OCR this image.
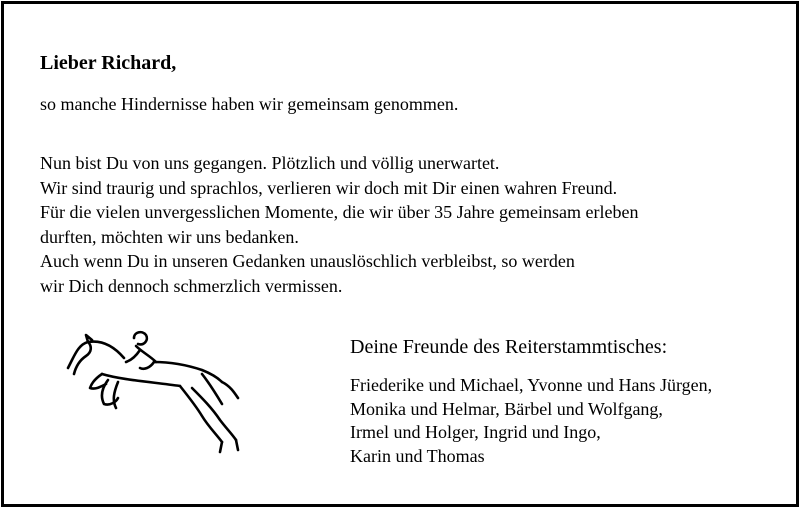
Lieber Richard,
so manche Hindernisse haben wir gemeinsam genommen.
Nun bist Du von uns gegangen. Plötzlich und völlig unerwartet.
Wir sind traurig und sprachlos, verlieren wir doch mit Dir einen wahren Freund.
Für die vielen unvergesslichen Momente, die wir über 35 Jahre gemeinsam erleben
durften, möchten wir uns bedanken.
Auch wenn Du in unseren Gedanken unauslöschlich verbleibst, so werden
wir Dich dennoch schmerzlich vermissen.
Deine Freunde des Reiterstammtisches:
Friederike und Michael, Yvonne und Hans Jürgen,
Monika und Helmar, Bärbel und Wolfgang,
Irmel und Holger, Ingrid und Ingo,
Karin und Thomas
